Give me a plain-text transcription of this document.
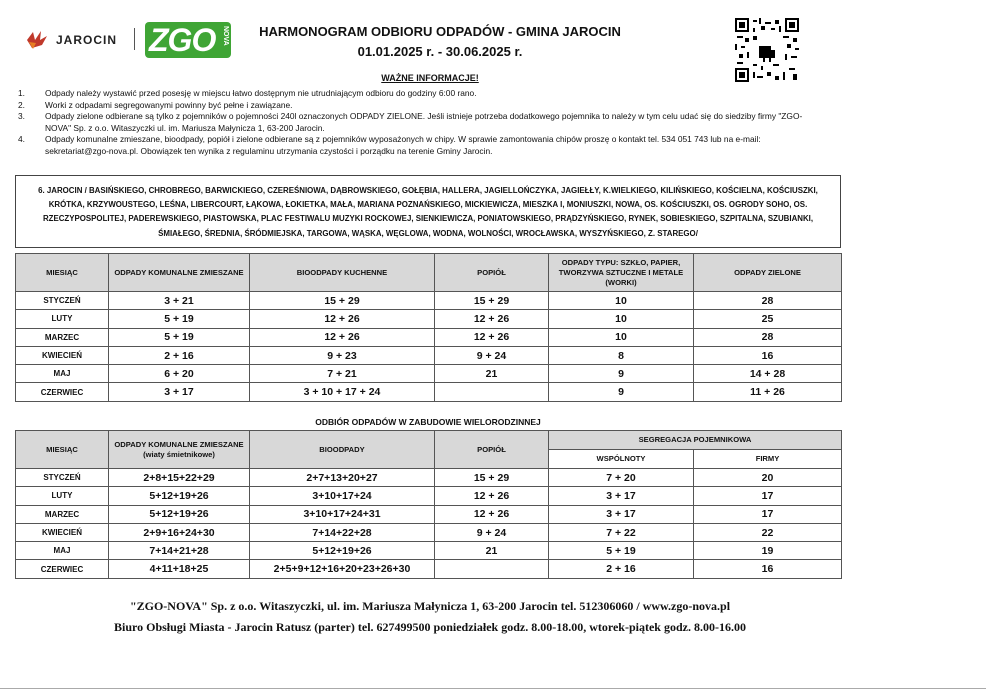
JAROCIN ZGO NOVA	HARMONOGRAM ODBIORU ODPADÓW - GMINA JAROCIN
01.01.2025 r. - 30.06.2025 r.
WAŻNE INFORMACJE!
1.	Odpady należy wystawić przed posesję w miejscu łatwo dostępnym nie utrudniającym odbioru do godziny 6:00 rano.
2.	Worki z odpadami segregowanymi powinny być pełne i zawiązane.
3.	Odpady zielone odbierane są tylko z pojemników o pojemności 240l oznaczonych ODPADY ZIELONE. Jeśli istnieje potrzeba dodatkowego pojemnika to należy w tym celu udać się do siedziby firmy "ZGO-NOVA" Sp. z o.o. Witaszyczki ul. im. Mariusza Małynicza 1, 63-200 Jarocin.
4.	Odpady komunalne zmieszane, bioodpady, popiół i zielone odbierane są z pojemników wyposażonych w chipy. W sprawie zamontowania chipów proszę o kontakt tel. 534 051 743 lub na e-mail: sekretariat@zgo-nova.pl. Obowiązek ten wynika z regulaminu utrzymania czystości i porządku na terenie Gminy Jarocin.
6. JAROCIN / BASIŃSKIEGO, CHROBREGO, BARWICKIEGO, CZEREŚNIOWA, DĄBROWSKIEGO, GOŁĘBIA, HALLERA, JAGIELLOŃCZYKA, JAGIEŁŁY, K.WIELKIEGO, KILIŃSKIEGO, KOŚCIELNA, KOŚCIUSZKI, KRÓTKA, KRZYWOUSTEGO, LEŚNA, LIBERCOURT, ŁĄKOWA, ŁOKIETKA, MAŁA, MARIANA POZNAŃSKIEGO, MICKIEWICZA, MIESZKA I, MONIUSZKI, NOWA, OS. KOŚCIUSZKI, OS. OGRODY SOHO, OS. RZECZYPOSPOLITEJ, PADEREWSKIEGO, PIASTOWSKA, PLAC FESTIWALU MUZYKI ROCKOWEJ, SIENKIEWICZA, PONIATOWSKIEGO, PRĄDZYŃSKIEGO, RYNEK, SOBIESKIEGO, SZPITALNA, SZUBIANKI, ŚMIAŁEGO, ŚREDNIA, ŚRÓDMIEJSKA, TARGOWA, WĄSKA, WĘGLOWA, WODNA, WOLNOŚCI, WROCŁAWSKA, WYSZYŃSKIEGO, Z. STAREGO/
MIESIĄC	ODPADY KOMUNALNE ZMIESZANE	BIOODPADY KUCHENNE	POPIÓŁ	ODPADY TYPU: SZKŁO, PAPIER, TWORZYWA SZTUCZNE I METALE (WORKI)	ODPADY ZIELONE
STYCZEŃ	3 + 21	15 + 29	15 + 29	10	28
LUTY	5 + 19	12 + 26	12 + 26	10	25
MARZEC	5 + 19	12 + 26	12 + 26	10	28
KWIECIEŃ	2 + 16	9 + 23	9 + 24	8	16
MAJ	6 + 20	7 + 21	21	9	14 + 28
CZERWIEC	3 + 17	3 + 10 + 17 + 24		9	11 + 26
ODBIÓR ODPADÓW W ZABUDOWIE WIELORODZINNEJ
MIESIĄC	ODPADY KOMUNALNE ZMIESZANE (wiaty śmietnikowe)	BIOODPADY	POPIÓŁ	SEGREGACJA POJEMNIKOWA	
				WSPÓLNOTY	FIRMY
STYCZEŃ	2+8+15+22+29	2+7+13+20+27	15 + 29	7 + 20	20
LUTY	5+12+19+26	3+10+17+24	12 + 26	3 + 17	17
MARZEC	5+12+19+26	3+10+17+24+31	12 + 26	3 + 17	17
KWIECIEŃ	2+9+16+24+30	7+14+22+28	9 + 24	7 + 22	22
MAJ	7+14+21+28	5+12+19+26	21	5 + 19	19
CZERWIEC	4+11+18+25	2+5+9+12+16+20+23+26+30		2 + 16	16
"ZGO-NOVA" Sp. z o.o. Witaszyczki, ul. im. Mariusza Małynicza 1, 63-200 Jarocin tel. 512306060 / www.zgo-nova.pl
Biuro Obsługi Miasta - Jarocin Ratusz (parter) tel. 627499500 poniedziałek godz. 8.00-18.00, wtorek-piątek godz. 8.00-16.00
